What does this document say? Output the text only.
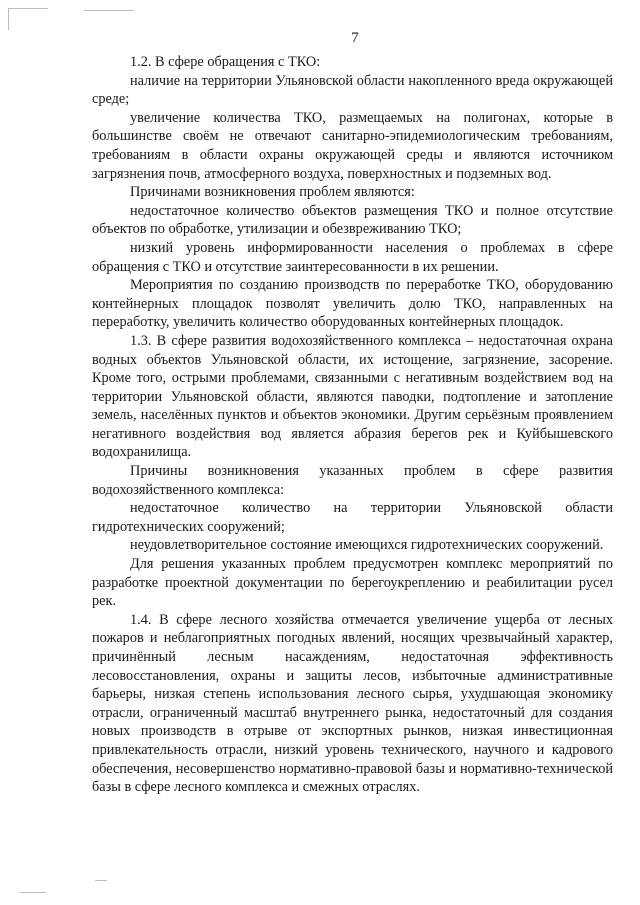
7

1.2. В сфере обращения с ТКО:

наличие на территории Ульяновской области накопленного вреда окружающей среде;

увеличение количества ТКО, размещаемых на полигонах, которые в большинстве своём не отвечают санитарно-эпидемиологическим требованиям, требованиям в области охраны окружающей среды и являются источником загрязнения почв, атмосферного воздуха, поверхностных и подземных вод.

Причинами возникновения проблем являются:

недостаточное количество объектов размещения ТКО и полное отсутствие объектов по обработке, утилизации и обезвреживанию ТКО;

низкий уровень информированности населения о проблемах в сфере обращения с ТКО и отсутствие заинтересованности в их решении.

Мероприятия по созданию производств по переработке ТКО, оборудованию контейнерных площадок позволят увеличить долю ТКО, направленных на переработку, увеличить количество оборудованных контейнерных площадок.

1.3. В сфере развития водохозяйственного комплекса – недостаточная охрана водных объектов Ульяновской области, их истощение, загрязнение, засорение. Кроме того, острыми проблемами, связанными с негативным воздействием вод на территории Ульяновской области, являются паводки, подтопление и затопление земель, населённых пунктов и объектов экономики. Другим серьёзным проявлением негативного воздействия вод является абразия берегов рек и Куйбышевского водохранилища.

Причины возникновения указанных проблем в сфере развития водохозяйственного комплекса:

недостаточное количество на территории Ульяновской области гидротехнических сооружений;

неудовлетворительное состояние имеющихся гидротехнических сооружений.

Для решения указанных проблем предусмотрен комплекс мероприятий по разработке проектной документации по берегоукреплению и реабилитации русел рек.

1.4. В сфере лесного хозяйства отмечается увеличение ущерба от лесных пожаров и неблагоприятных погодных явлений, носящих чрезвычайный характер, причинённый лесным насаждениям, недостаточная эффективность лесовосстановления, охраны и защиты лесов, избыточные административные барьеры, низкая степень использования лесного сырья, ухудшающая экономику отрасли, ограниченный масштаб внутреннего рынка, недостаточный для создания новых производств в отрыве от экспортных рынков, низкая инвестиционная привлекательность отрасли, низкий уровень технического, научного и кадрового обеспечения, несовершенство нормативно-правовой базы и нормативно-технической базы в сфере лесного комплекса и смежных отраслях.
